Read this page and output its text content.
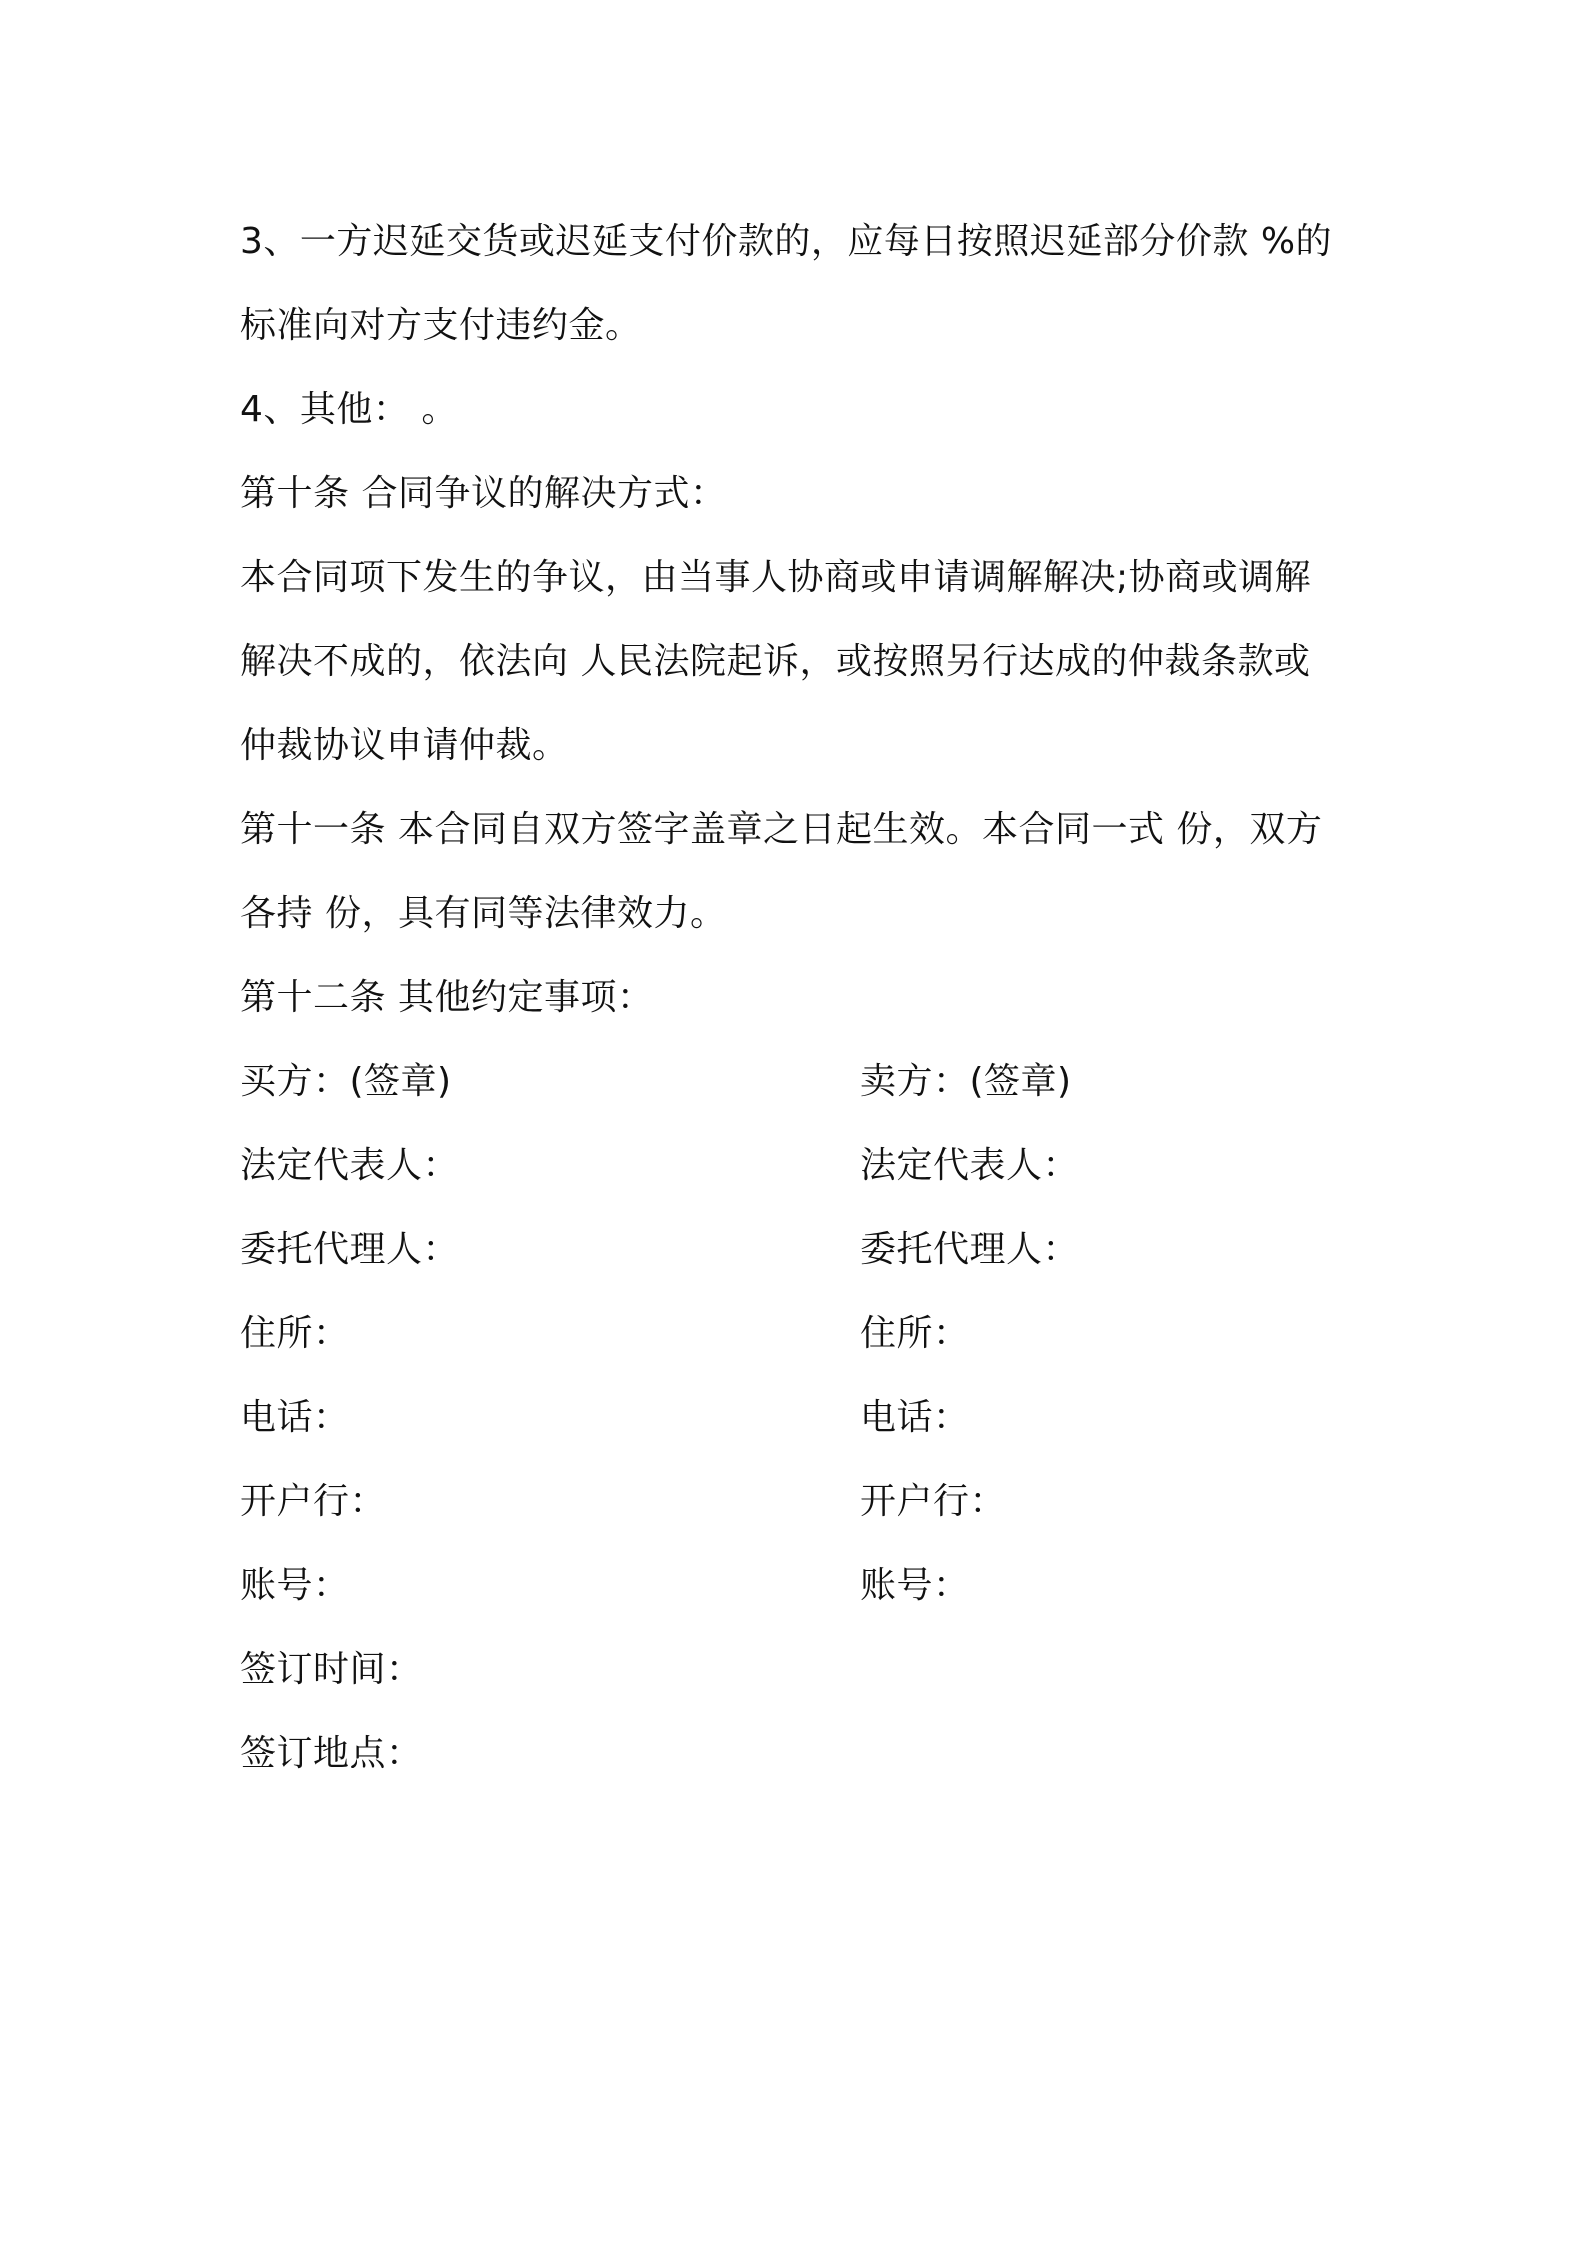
3、一方迟延交货或迟延支付价款的，应每日按照迟延部分价款 %的
标准向对方支付违约金。
4、其他： 。
第十条 合同争议的解决方式：
本合同项下发生的争议，由当事人协商或申请调解解决;协商或调解
解决不成的，依法向 人民法院起诉，或按照另行达成的仲裁条款或
仲裁协议申请仲裁。
第十一条 本合同自双方签字盖章之日起生效。本合同一式 份，双方
各持 份，具有同等法律效力。
第十二条 其他约定事项：
买方：(签章)	卖方：(签章)
法定代表人：	法定代表人：
委托代理人：	委托代理人：
住所：	住所：
电话：	电话：
开户行：	开户行：
账号：	账号：
签订时间：
签订地点：
